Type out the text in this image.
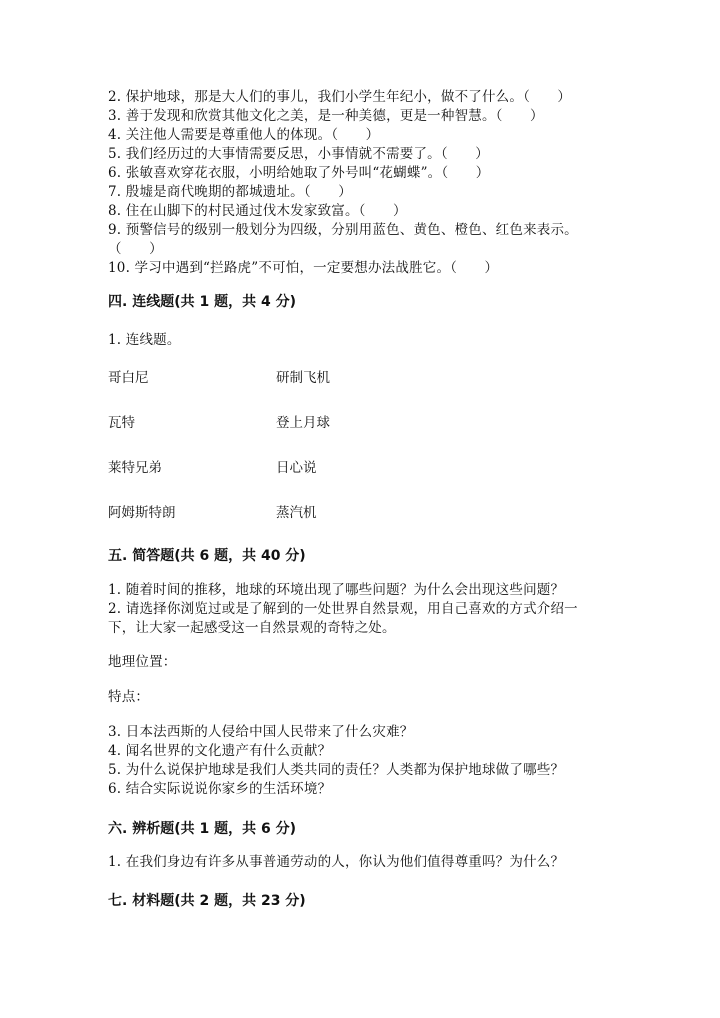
2. 保护地球，那是大人们的事儿，我们小学生年纪小，做不了什么。（　　）
3. 善于发现和欣赏其他文化之美，是一种美德，更是一种智慧。（　　）
4. 关注他人需要是尊重他人的体现。（　　）
5. 我们经历过的大事情需要反思，小事情就不需要了。（　　）
6. 张敏喜欢穿花衣服，小明给她取了外号叫“花蝴蝶”。（　　）
7. 殷墟是商代晚期的都城遗址。（　　）
8. 住在山脚下的村民通过伐木发家致富。（　　）
9. 预警信号的级别一般划分为四级，分别用蓝色、黄色、橙色、红色来表示。
（　　）
10. 学习中遇到“拦路虎”不可怕，一定要想办法战胜它。（　　）
四. 连线题(共 1 题，共 4 分)
1. 连线题。
哥白尼	研制飞机
瓦特	登上月球
莱特兄弟	日心说
阿姆斯特朗	蒸汽机
五. 简答题(共 6 题，共 40 分)
1. 随着时间的推移，地球的环境出现了哪些问题？为什么会出现这些问题？
2. 请选择你浏览过或是了解到的一处世界自然景观，用自己喜欢的方式介绍一
下，让大家一起感受这一自然景观的奇特之处。
地理位置：
特点：
3. 日本法西斯的人侵给中国人民带来了什么灾难？
4. 闻名世界的文化遗产有什么贡献？
5. 为什么说保护地球是我们人类共同的责任？人类都为保护地球做了哪些？
6. 结合实际说说你家乡的生活环境？
六. 辨析题(共 1 题，共 6 分)
1. 在我们身边有许多从事普通劳动的人，你认为他们值得尊重吗？为什么？
七. 材料题(共 2 题，共 23 分)
